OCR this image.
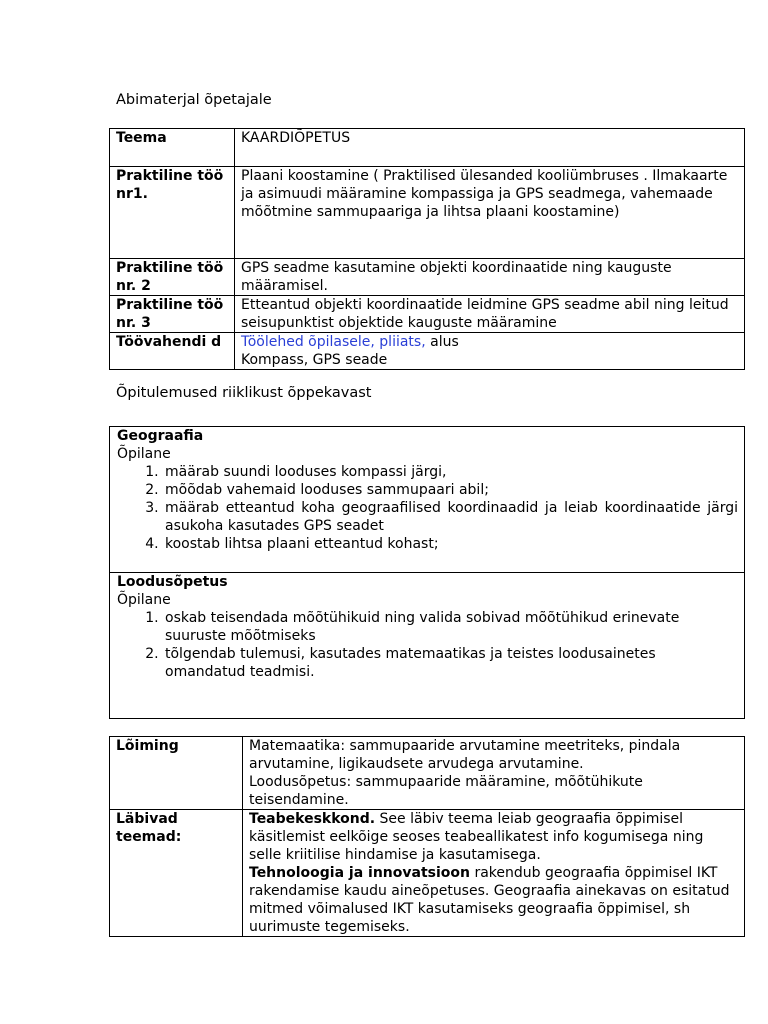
Abimaterjal õpetajale
Teema	KAARDIÕPETUS
Praktiline töö nr1.	Plaani koostamine ( Praktilised ülesanded kooliümbruses . Ilmakaarte ja asimuudi määramine kompassiga ja GPS seadmega, vahemaade mõõtmine sammupaariga ja lihtsa plaani koostamine)
Praktiline töö nr. 2	GPS seadme kasutamine objekti koordinaatide ning kauguste määramisel.
Praktiline töö nr. 3	Etteantud objekti koordinaatide leidmine GPS seadme abil ning leitud seisupunktist objektide kauguste määramine
Töövahendi d	Töölehed õpilasele, pliiats, alus
Kompass, GPS seade
Õpitulemused riiklikust õppekavast
Geograafia
Õpilane
1. määrab suundi looduses kompassi järgi,
2. mõõdab vahemaid looduses sammupaari abil;
3. määrab etteantud koha geograafilised koordinaadid ja leiab koordinaatide järgi asukoha kasutades GPS seadet
4. koostab lihtsa plaani etteantud kohast;

Loodusõpetus
Õpilane
1. oskab teisendada mõõtühikuid ning valida sobivad mõõtühikud erinevate suuruste mõõtmiseks
2. tõlgendab tulemusi, kasutades matemaatikas ja teistes loodusainetes omandatud teadmisi.
Lõiming	Matemaatika: sammupaaride arvutamine meetriteks, pindala arvutamine, ligikaudsete arvudega arvutamine.
Loodusõpetus: sammupaaride määramine, mõõtühikute teisendamine.

Läbivad teemad:	Teabekeskkond. See läbiv teema leiab geograafia õppimisel käsitlemist eelkõige seoses teabeallikatest info kogumisega ning selle kriitilise hindamise ja kasutamisega.
Tehnoloogia ja innovatsioon rakendub geograafia õppimisel IKT rakendamise kaudu aineõpetuses. Geograafia ainekavas on esitatud mitmed võimalused IKT kasutamiseks geograafia õppimisel, sh uurimuste tegemiseks.
